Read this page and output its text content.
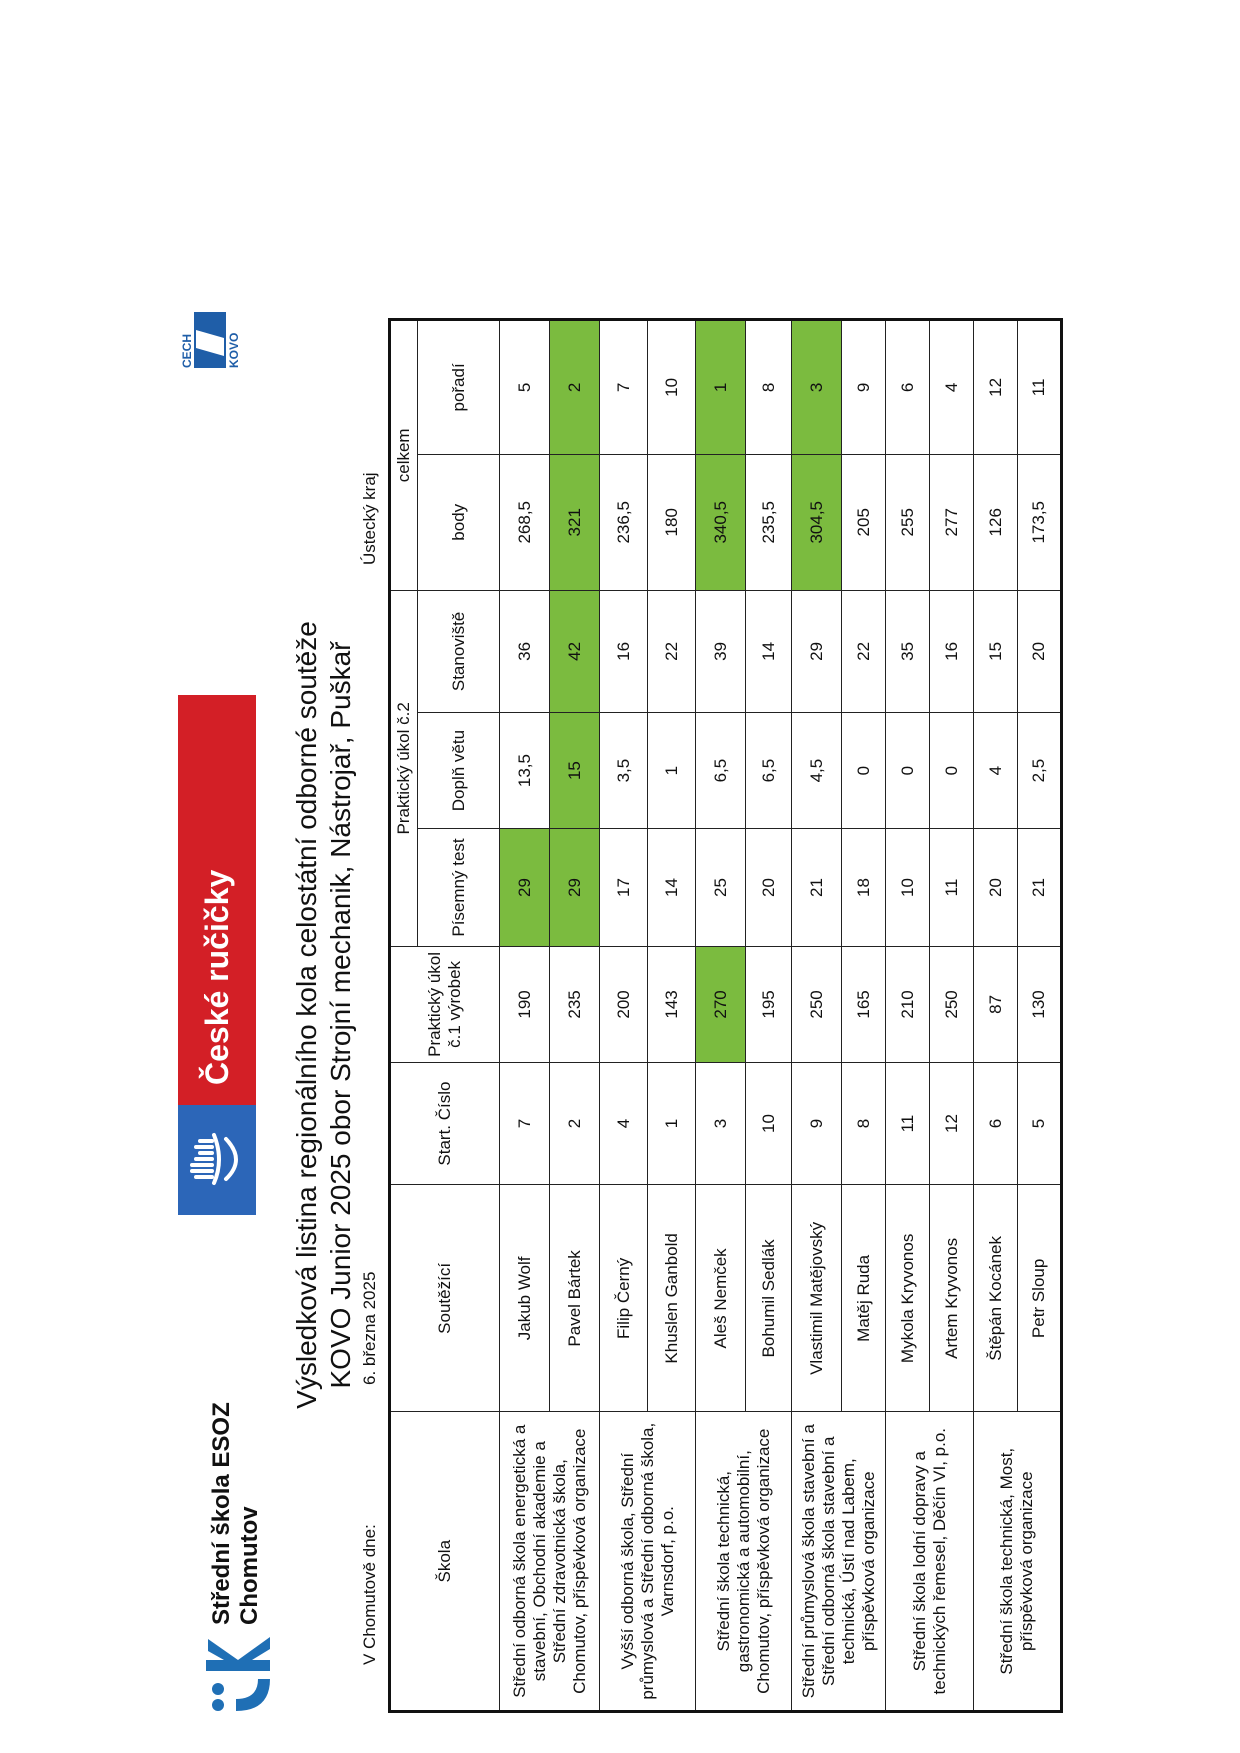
Střední škola ESOZ Chomutov
České ručičky
CECH	KOVO
Výsledková listina regionálního kola celostátní odborné soutěže KOVO Junior 2025 obor Strojní mechanik, Nástrojař, Puškař
V Chomutově dne:
6. března 2025
Ústecký kraj
Škola	Soutěžící	Start. Číslo	Praktický úkol č.1 výrobek	Praktický úkol č.2			celkem	
				Písemný test	Doplň větu	Stanoviště	body	pořadí
Střední odborná škola energetická a stavební, Obchodní akademie a Střední zdravotnická škola, Chomutov, příspěvková organizace	Jakub Wolf	7	190	29	13,5	36	268,5	5
	Pavel Bártek	2	235	29	15	42	321	2
Vyšší odborná škola, Střední průmyslová a Střední odborná škola, Varnsdorf, p.o.	Filip Černý	4	200	17	3,5	16	236,5	7
	Khuslen Ganbold	1	143	14	1	22	180	10
Střední škola technická, gastronomická a automobilní, Chomutov, příspěvková organizace	Aleš Nemček	3	270	25	6,5	39	340,5	1
	Bohumil Sedlák	10	195	20	6,5	14	235,5	8
Střední průmyslová škola stavební a Střední odborná škola stavební a technická, Ústí nad Labem, příspěvková organizace	Vlastimil Matějovský	9	250	21	4,5	29	304,5	3
	Matěj Ruda	8	165	18	0	22	205	9
Střední škola lodní dopravy a technických řemesel, Děčín VI, p.o.	Mykola Kryvonos	11	210	10	0	35	255	6
	Artem Kryvonos	12	250	11	0	16	277	4
Střední škola technická, Most, příspěvková organizace	Štěpán Kocánek	6	87	20	4	15	126	12
	Petr Sloup	5	130	21	2,5	20	173,5	11
